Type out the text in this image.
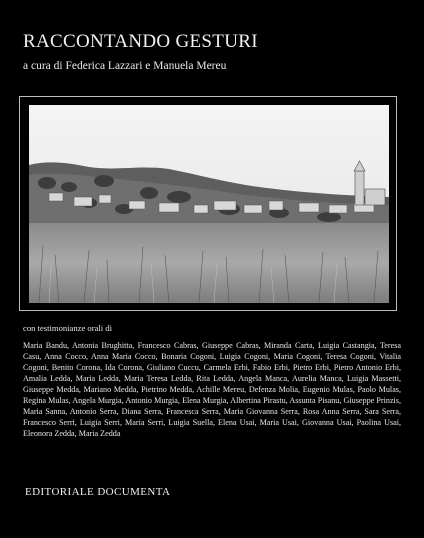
RACCONTANDO GESTURI
a cura di Federica Lazzari e Manuela Mereu
con testimonianze orali di
Maria Bandu, Antonia Brughitta, Francesco Cabras, Giuseppe Cabras, Miranda Carta, Luigia Castangia, Teresa Casu, Anna Cocco, Anna Maria Cocco, Bonaria Cogoni, Luigia Cogoni, Maria Cogoni, Teresa Cogoni, Vitalia Cogoni, Benito Corona, Ida Corona, Giuliano Cuccu, Carmela Erbi, Fabio Erbi, Pietro Erbi, Pietro Antonio Erbi, Amalia Ledda, Maria Ledda, Maria Teresa Ledda, Rita Ledda, Angela Manca, Aurelia Manca, Luigia Massetti, Giuseppe Medda, Mariano Medda, Pietrino Medda, Achille Mereu, Defenza Molia, Eugenio Mulas, Paolo Mulas, Regina Mulas, Angela Murgia, Antonio Murgia, Elena Murgia, Albertina Pirastu, Assunta Pisanu, Giuseppe Prinzis, Maria Sanna, Antonio Serra, Diana Serra, Francesca Serra, Maria Giovanna Serra, Rosa Anna Serra, Sara Serra, Francesco Serri, Luigia Serri, Maria Serri, Luigia Suella, Elena Usai, Maria Usai, Giovanna Usai, Paolina Usai, Eleonora Zedda, Maria Zedda
EDITORIALE DOCUMENTA
